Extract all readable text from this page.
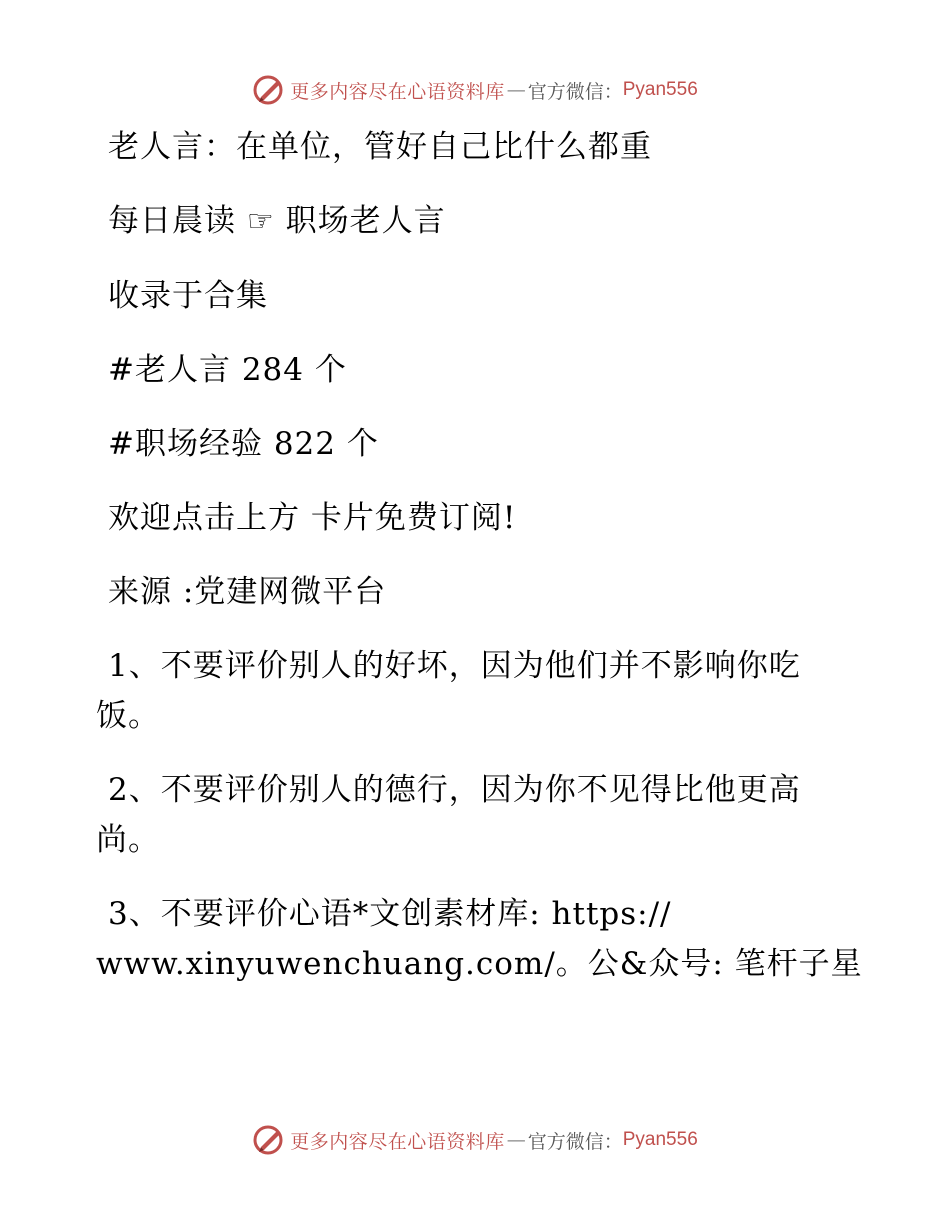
更多内容尽在心语资料库 — 官方微信： Pyan556
老人言：在单位，管好自己比什么都重
每日晨读 ☞ 职场老人言
收录于合集
#老人言 284 个
#职场经验 822 个
欢迎点击上方 卡片免费订阅!
来源 :党建网微平台
1、不要评价别人的好坏，因为他们并不影响你吃
饭。
2、不要评价别人的德行，因为你不见得比他更高
尚。
3、不要评价心语*文创素材库: https://
www.xinyuwenchuang.com/。公&众号: 笔杆子星
更多内容尽在心语资料库 — 官方微信： Pyan556
